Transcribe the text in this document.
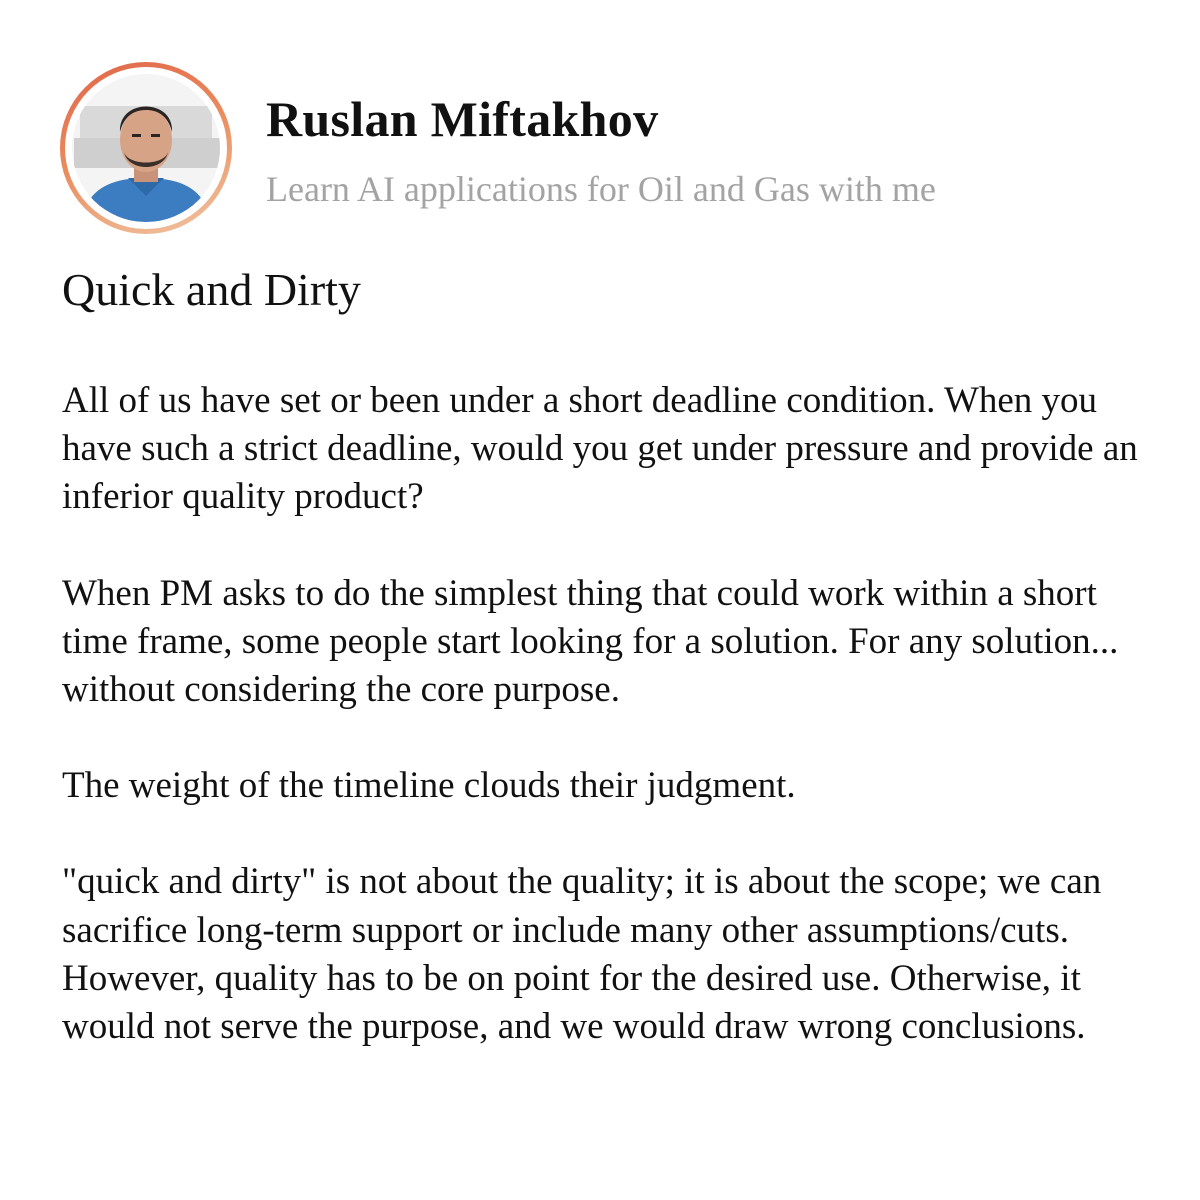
Ruslan Miftakhov
Learn AI applications for Oil and Gas with me
Quick and Dirty

All of us have set or been under a short deadline condition. When you have such a strict deadline, would you get under pressure and provide an inferior quality product?

When PM asks to do the simplest thing that could work within a short time frame, some people start looking for a solution. For any solution... without considering the core purpose.

The weight of the timeline clouds their judgment.

"quick and dirty" is not about the quality; it is about the scope; we can sacrifice long-term support or include many other assumptions/cuts. However, quality has to be on point for the desired use. Otherwise, it would not serve the purpose, and we would draw wrong conclusions.
